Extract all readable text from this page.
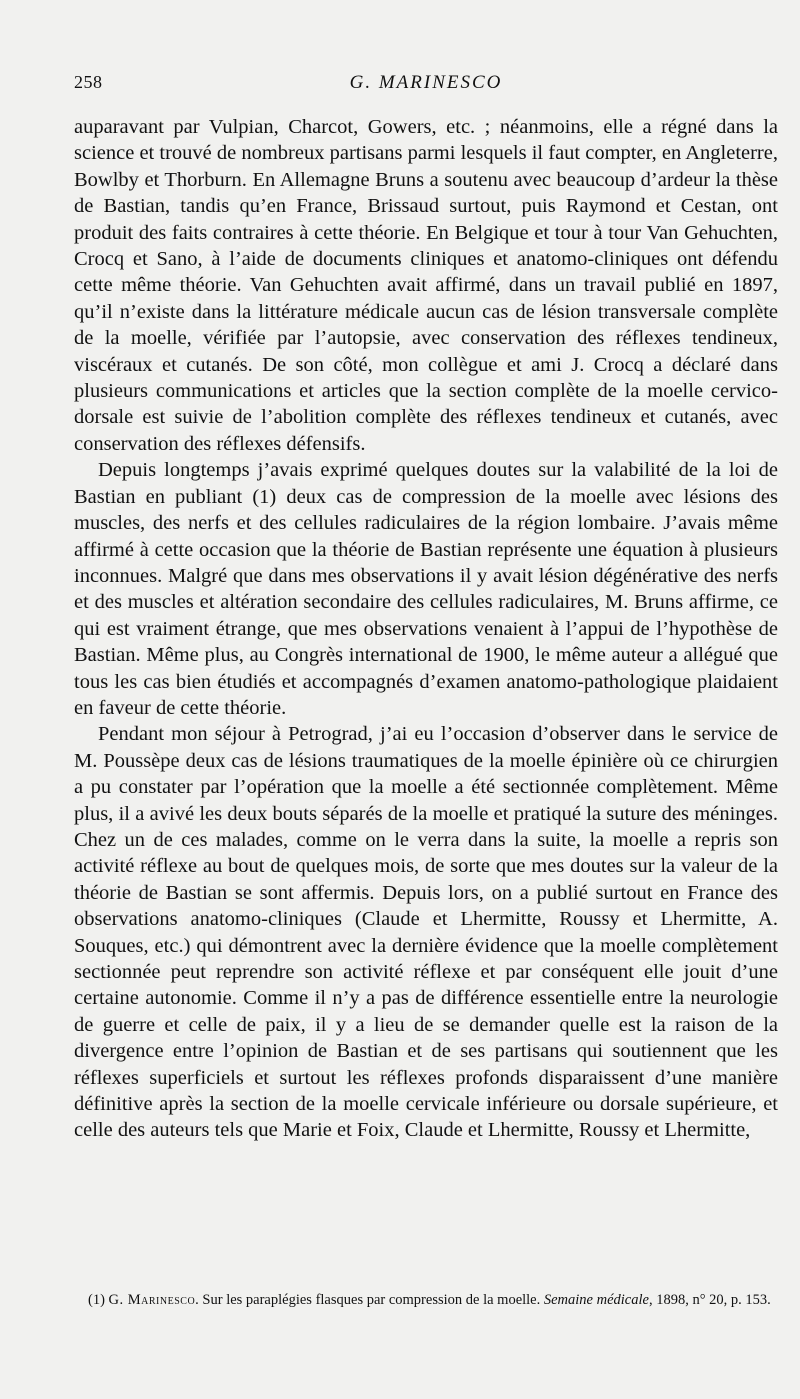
258	G. MARINESCO

auparavant par Vulpian, Charcot, Gowers, etc. ; néanmoins, elle a régné dans la science et trouvé de nombreux partisans parmi lesquels il faut compter, en Angleterre, Bowlby et Thorburn. En Allemagne Bruns a soutenu avec beaucoup d’ardeur la thèse de Bastian, tandis qu’en France, Brissaud surtout, puis Raymond et Cestan, ont produit des faits contraires à cette théorie. En Belgique et tour à tour Van Gehuchten, Crocq et Sano, à l’aide de documents cliniques et anatomo-cliniques ont défendu cette même théorie. Van Gehuchten avait affirmé, dans un travail publié en 1897, qu’il n’existe dans la littérature médicale aucun cas de lésion transversale complète de la moelle, vérifiée par l’autopsie, avec conservation des réflexes tendineux, viscéraux et cutanés. De son côté, mon collègue et ami J. Crocq a déclaré dans plusieurs communications et articles que la section complète de la moelle cervico-dorsale est suivie de l’abolition complète des réflexes tendineux et cutanés, avec conservation des réflexes défensifs.

Depuis longtemps j’avais exprimé quelques doutes sur la valabilité de la loi de Bastian en publiant (1) deux cas de compression de la moelle avec lésions des muscles, des nerfs et des cellules radiculaires de la région lombaire. J’avais même affirmé à cette occasion que la théorie de Bastian représente une équation à plusieurs inconnues. Malgré que dans mes observations il y avait lésion dégénérative des nerfs et des muscles et altération secondaire des cellules radiculaires, M. Bruns affirme, ce qui est vraiment étrange, que mes observations venaient à l’appui de l’hypothèse de Bastian. Même plus, au Congrès international de 1900, le même auteur a allégué que tous les cas bien étudiés et accompagnés d’examen anatomo-pathologique plaidaient en faveur de cette théorie.

Pendant mon séjour à Petrograd, j’ai eu l’occasion d’observer dans le service de M. Poussèpe deux cas de lésions traumatiques de la moelle épinière où ce chirurgien a pu constater par l’opération que la moelle a été sectionnée complètement. Même plus, il a avivé les deux bouts séparés de la moelle et pratiqué la suture des méninges. Chez un de ces malades, comme on le verra dans la suite, la moelle a repris son activité réflexe au bout de quelques mois, de sorte que mes doutes sur la valeur de la théorie de Bastian se sont affermis. Depuis lors, on a publié surtout en France des observations anatomo-cliniques (Claude et Lhermitte, Roussy et Lhermitte, A. Souques, etc.) qui démontrent avec la dernière évidence que la moelle complètement sectionnée peut reprendre son activité réflexe et par conséquent elle jouit d’une certaine autonomie. Comme il n’y a pas de différence essentielle entre la neurologie de guerre et celle de paix, il y a lieu de se demander quelle est la raison de la divergence entre l’opinion de Bastian et de ses partisans qui soutiennent que les réflexes superficiels et surtout les réflexes profonds disparaissent d’une manière définitive après la section de la moelle cervicale inférieure ou dorsale supérieure, et celle des auteurs tels que Marie et Foix, Claude et Lhermitte, Roussy et Lhermitte,

(1) G. Marinesco. Sur les paraplégies flasques par compression de la moelle. Semaine médicale, 1898, n° 20, p. 153.
